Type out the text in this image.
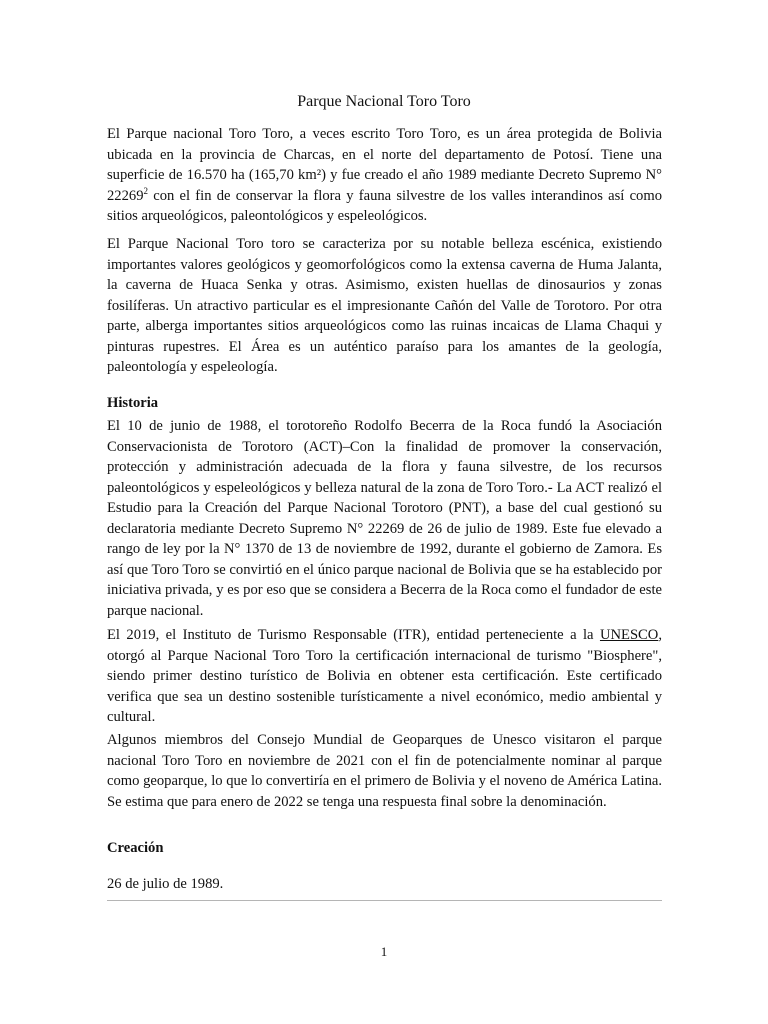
Parque Nacional Toro Toro

El Parque nacional Toro Toro, a veces escrito Toro Toro, es un área protegida de Bolivia ubicada en la provincia de Charcas, en el norte del departamento de Potosí. Tiene una superficie de 16.570 ha (165,70 km²) y fue creado el año 1989 mediante Decreto Supremo N° 22269$^2$ con el fin de conservar la flora y fauna silvestre de los valles interandinos así como sitios arqueológicos, paleontológicos y espeleológicos.

El Parque Nacional Toro toro se caracteriza por su notable belleza escénica, existiendo importantes valores geológicos y geomorfológicos como la extensa caverna de Huma Jalanta, la caverna de Huaca Senka y otras. Asimismo, existen huellas de dinosaurios y zonas fosilíferas. Un atractivo particular es el impresionante Cañón del Valle de Torotoro. Por otra parte, alberga importantes sitios arqueológicos como las ruinas incaicas de Llama Chaqui y pinturas rupestres. El Área es un auténtico paraíso para los amantes de la geología, paleontología y espeleología.

Historia

El 10 de junio de 1988, el torotoreño Rodolfo Becerra de la Roca fundó la Asociación Conservacionista de Torotoro (ACT)–Con la finalidad de promover la conservación, protección y administración adecuada de la flora y fauna silvestre, de los recursos paleontológicos y espeleológicos y belleza natural de la zona de Toro Toro.- La ACT realizó el Estudio para la Creación del Parque Nacional Torotoro (PNT), a base del cual gestionó su declaratoria mediante Decreto Supremo N° 22269 de 26 de julio de 1989. Este fue elevado a rango de ley por la N° 1370 de 13 de noviembre de 1992, durante el gobierno de Zamora. Es así que Toro Toro se convirtió en el único parque nacional de Bolivia que se ha establecido por iniciativa privada, y es por eso que se considera a Becerra de la Roca como el fundador de este parque nacional.

El 2019, el Instituto de Turismo Responsable (ITR), entidad perteneciente a la UNESCO, otorgó al Parque Nacional Toro Toro la certificación internacional de turismo "Biosphere", siendo primer destino turístico de Bolivia en obtener esta certificación. Este certificado verifica que sea un destino sostenible turísticamente a nivel económico, medio ambiental y cultural.

Algunos miembros del Consejo Mundial de Geoparques de Unesco visitaron el parque nacional Toro Toro en noviembre de 2021 con el fin de potencialmente nominar al parque como geoparque, lo que lo convertiría en el primero de Bolivia y el noveno de América Latina. Se estima que para enero de 2022 se tenga una respuesta final sobre la denominación.

Creación

26 de julio de 1989.

1
